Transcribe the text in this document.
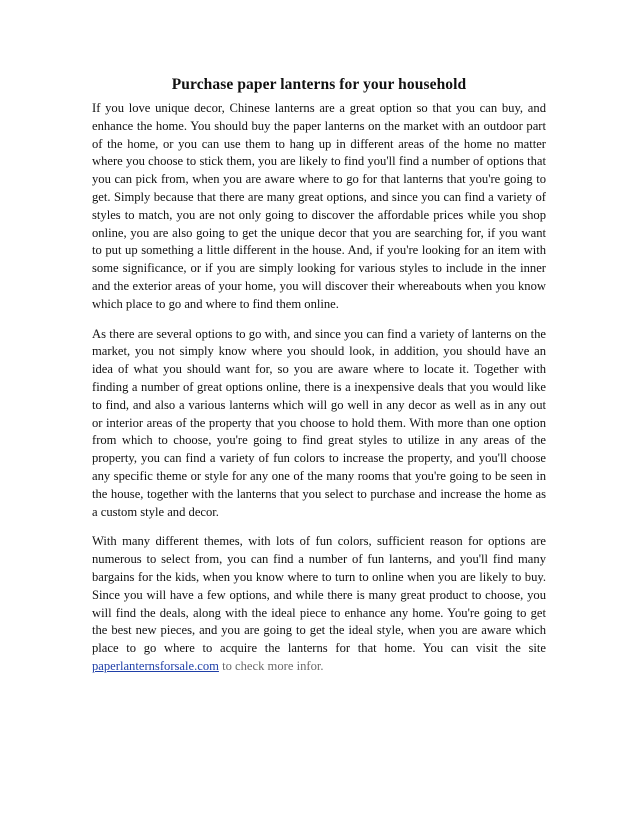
Purchase paper lanterns for your household

If you love unique decor, Chinese lanterns are a great option so that you can buy, and enhance the home. You should buy the paper lanterns on the market with an outdoor part of the home, or you can use them to hang up in different areas of the home no matter where you choose to stick them, you are likely to find you'll find a number of options that you can pick from, when you are aware where to go for that lanterns that you're going to get. Simply because that there are many great options, and since you can find a variety of styles to match, you are not only going to discover the affordable prices while you shop online, you are also going to get the unique decor that you are searching for, if you want to put up something a little different in the house. And, if you're looking for an item with some significance, or if you are simply looking for various styles to include in the inner and the exterior areas of your home, you will discover their whereabouts when you know which place to go and where to find them online.

As there are several options to go with, and since you can find a variety of lanterns on the market, you not simply know where you should look, in addition, you should have an idea of what you should want for, so you are aware where to locate it. Together with finding a number of great options online, there is a inexpensive deals that you would like to find, and also a various lanterns which will go well in any decor as well as in any out or interior areas of the property that you choose to hold them. With more than one option from which to choose, you're going to find great styles to utilize in any areas of the property, you can find a variety of fun colors to increase the property, and you'll choose any specific theme or style for any one of the many rooms that you're going to be seen in the house, together with the lanterns that you select to purchase and increase the home as a custom style and decor.

With many different themes, with lots of fun colors, sufficient reason for options are numerous to select from, you can find a number of fun lanterns, and you'll find many bargains for the kids, when you know where to turn to online when you are likely to buy. Since you will have a few options, and while there is many great product to choose, you will find the deals, along with the ideal piece to enhance any home. You're going to get the best new pieces, and you are going to get the ideal style, when you are aware which place to go where to acquire the lanterns for that home. You can visit the site paperlanternsforsale.com to check more infor.
